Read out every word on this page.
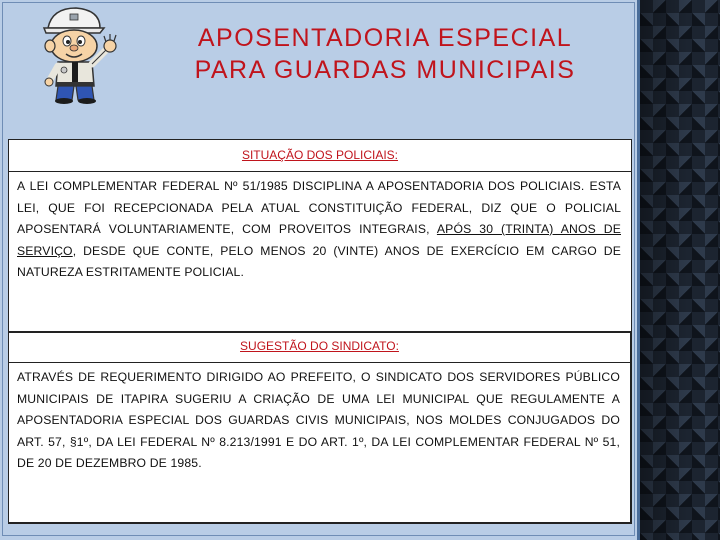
APOSENTADORIA ESPECIAL
PARA GUARDAS MUNICIPAIS
SITUAÇÃO DOS POLICIAIS:
A LEI COMPLEMENTAR FEDERAL Nº 51/1985 DISCIPLINA A APOSENTADORIA DOS POLICIAIS. ESTA LEI, QUE FOI RECEPCIONADA PELA ATUAL CONSTITUIÇÃO FEDERAL, DIZ QUE O POLICIAL APOSENTARÁ VOLUNTARIAMENTE, COM PROVEITOS INTEGRAIS, APÓS 30 (TRINTA) ANOS DE SERVIÇO, DESDE QUE CONTE, PELO MENOS 20 (VINTE) ANOS DE EXERCÍCIO EM CARGO DE NATUREZA ESTRITAMENTE POLICIAL.
SUGESTÃO DO SINDICATO:
ATRAVÉS DE REQUERIMENTO DIRIGIDO AO PREFEITO, O SINDICATO DOS SERVIDORES PÚBLICO MUNICIPAIS DE ITAPIRA SUGERIU A CRIAÇÃO DE UMA LEI MUNICIPAL QUE REGULAMENTE A APOSENTADORIA ESPECIAL DOS GUARDAS CIVIS MUNICIPAIS, NOS MOLDES CONJUGADOS DO ART. 57, §1º, DA LEI FEDERAL Nº 8.213/1991 E DO ART. 1º, DA LEI COMPLEMENTAR FEDERAL Nº 51, DE 20 DE DEZEMBRO DE 1985.
